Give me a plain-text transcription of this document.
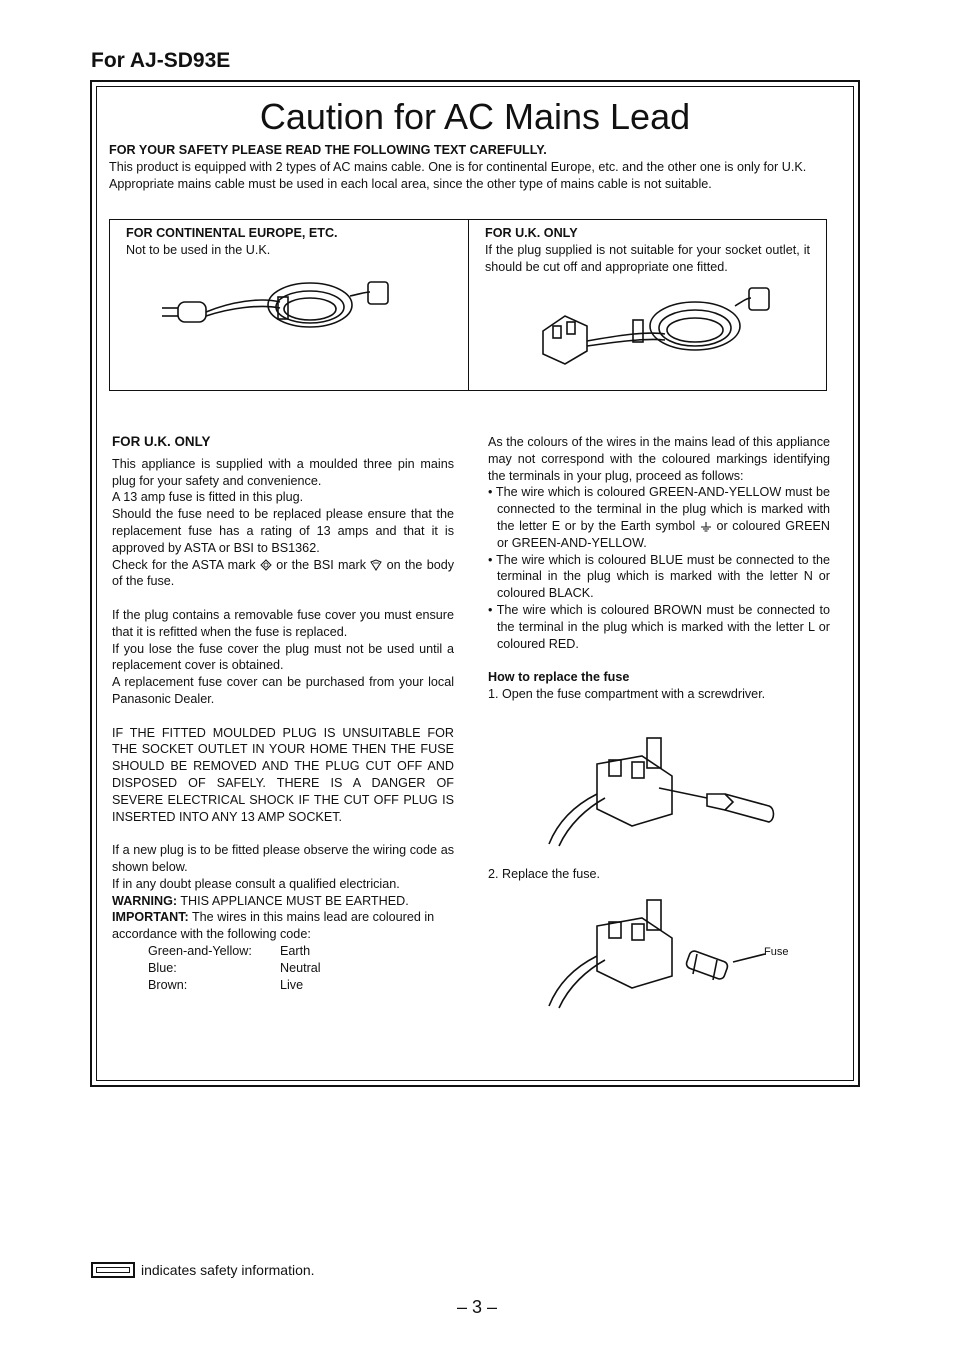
For AJ-SD93E
Caution for AC Mains Lead
FOR YOUR SAFETY PLEASE READ THE FOLLOWING TEXT CAREFULLY.
This product is equipped with 2 types of AC mains cable. One is for continental Europe, etc. and the other one is only for U.K.
Appropriate mains cable must be used in each local area, since the other type of mains cable is not suitable.
FOR CONTINENTAL EUROPE, ETC.
Not to be used in the U.K.
FOR U.K. ONLY
If the plug supplied is not suitable for your socket outlet, it should be cut off and appropriate one fitted.

FOR U.K. ONLY

This appliance is supplied with a moulded three pin mains plug for your safety and convenience.

A 13 amp fuse is fitted in this plug.

Should the fuse need to be replaced please ensure that the replacement fuse has a rating of 13 amps and that it is approved by ASTA or BSI to BS1362.

Check for the ASTA mark or the BSI mark on the body of the fuse.

If the plug contains a removable fuse cover you must ensure that it is refitted when the fuse is replaced.

If you lose the fuse cover the plug must not be used until a replacement cover is obtained.

A replacement fuse cover can be purchased from your local Panasonic Dealer.

IF THE FITTED MOULDED PLUG IS UNSUITABLE FOR THE SOCKET OUTLET IN YOUR HOME THEN THE FUSE SHOULD BE REMOVED AND THE PLUG CUT OFF AND DISPOSED OF SAFELY. THERE IS A DANGER OF SEVERE ELECTRICAL SHOCK IF THE CUT OFF PLUG IS INSERTED INTO ANY 13 AMP SOCKET.

If a new plug is to be fitted please observe the wiring code as shown below.

If in any doubt please consult a qualified electrician.

WARNING: THIS APPLIANCE MUST BE EARTHED.

IMPORTANT: The wires in this mains lead are coloured in accordance with the following code:

Green-and-Yellow:	Earth
Blue:	Neutral
Brown:	Live

As the colours of the wires in the mains lead of this appliance may not correspond with the coloured markings identifying the terminals in your plug, proceed as follows:

• The wire which is coloured GREEN-AND-YELLOW must be connected to the terminal in the plug which is marked with the letter E or by the Earth symbol or coloured GREEN or GREEN-AND-YELLOW.

• The wire which is coloured BLUE must be connected to the terminal in the plug which is marked with the letter N or coloured BLACK.

• The wire which is coloured BROWN must be connected to the terminal in the plug which is marked with the letter L or coloured RED.

How to replace the fuse

1. Open the fuse compartment with a screwdriver.

2. Replace the fuse.

Fuse
indicates safety information.
– 3 –
